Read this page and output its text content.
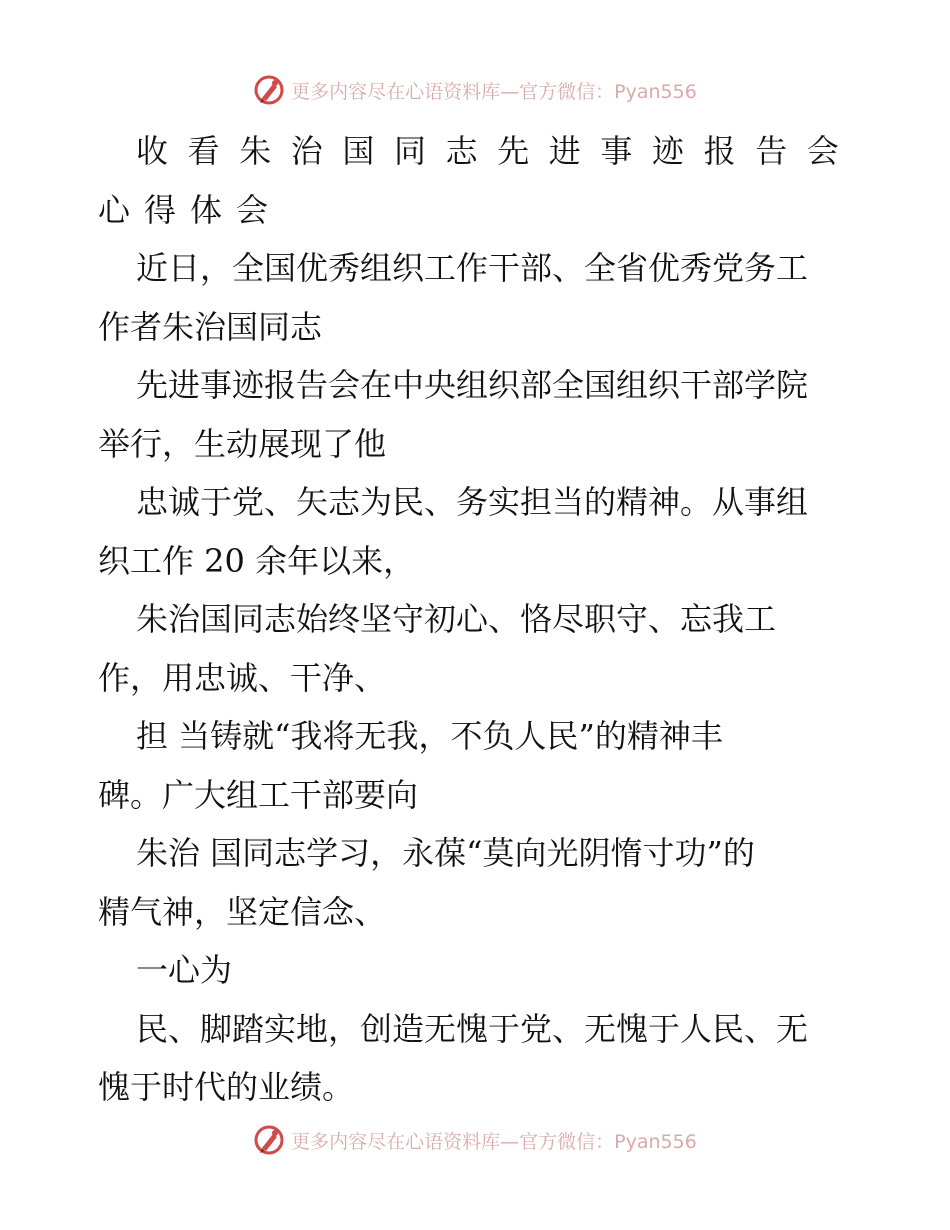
更多内容尽在心语资料库—官方微信：Pyan556
收看朱治国同志先进事迹报告会
心得体会
近日，全国优秀组织工作干部、全省优秀党务工
作者朱治国同志
先进事迹报告会在中央组织部全国组织干部学院
举行，生动展现了他
忠诚于党、矢志为民、务实担当的精神。从事组
织工作 20 余年以来，
朱治国同志始终坚守初心、恪尽职守、忘我工
作，用忠诚、干净、
担 当铸就“我将无我，不负人民”的精神丰
碑。广大组工干部要向
朱治 国同志学习，永葆“莫向光阴惰寸功”的
精气神，坚定信念、
一心为
民、脚踏实地，创造无愧于党、无愧于人民、无
愧于时代的业绩。
更多内容尽在心语资料库—官方微信：Pyan556
